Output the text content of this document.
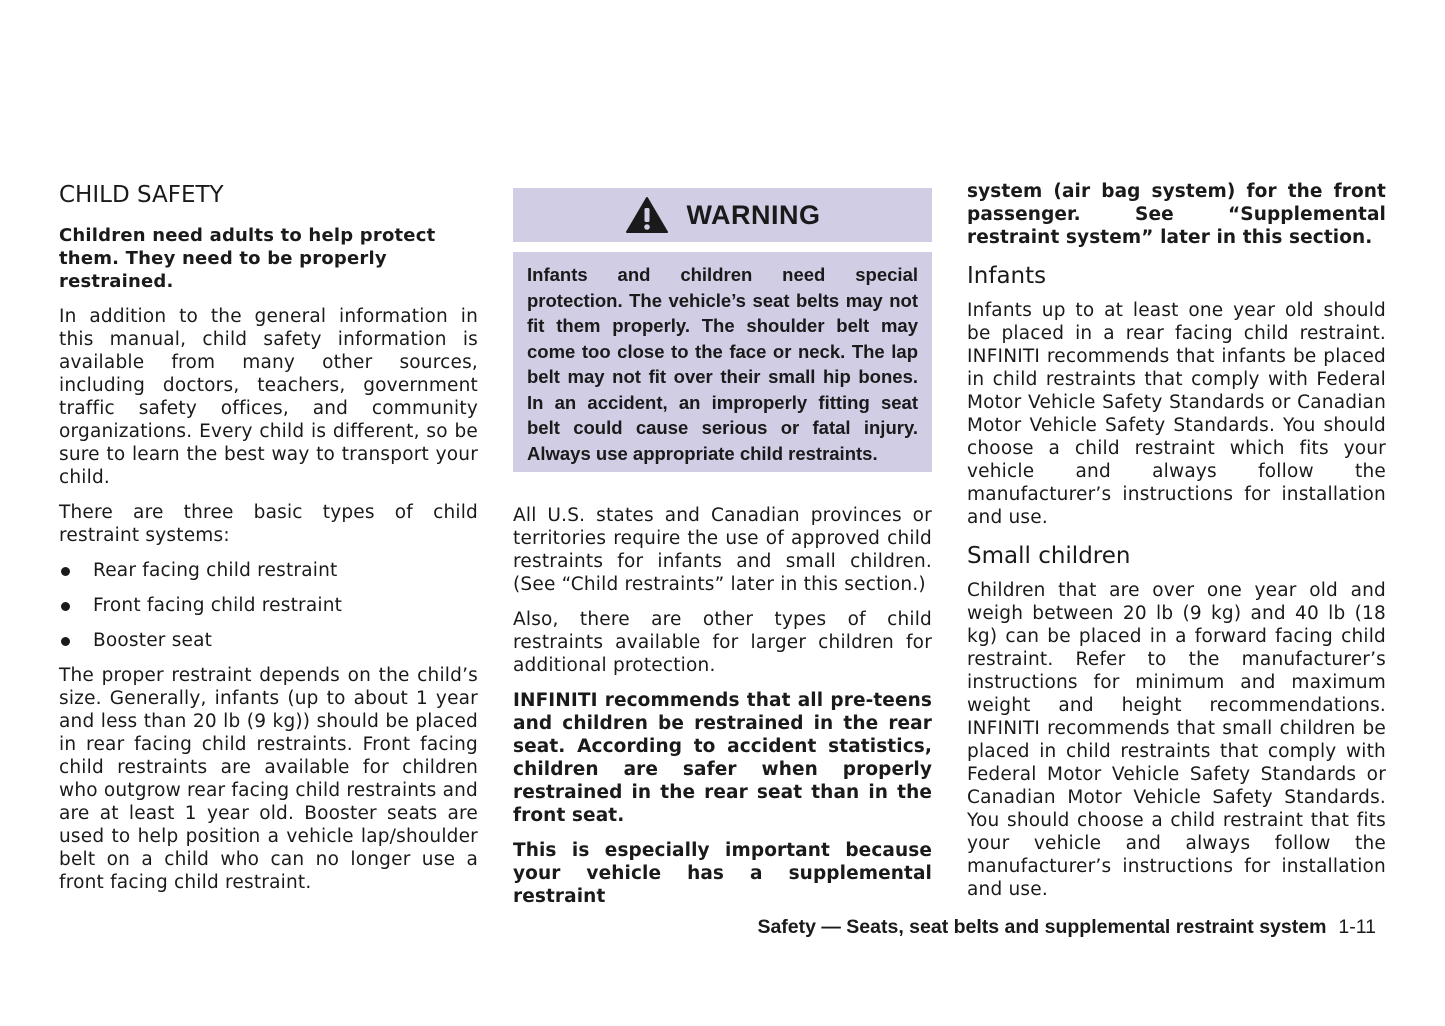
CHILD SAFETY

Children need adults to help protect them. They need to be properly restrained.

In addition to the general information in this manual, child safety information is available from many other sources, including doctors, teachers, government traffic safety offices, and community organizations. Every child is different, so be sure to learn the best way to transport your child.

There are three basic types of child restraint systems:

Rear facing child restraint
Front facing child restraint
Booster seat

The proper restraint depends on the child’s size. Generally, infants (up to about 1 year and less than 20 lb (9 kg)) should be placed in rear facing child restraints. Front facing child restraints are available for children who outgrow rear facing child restraints and are at least 1 year old. Booster seats are used to help position a vehicle lap/shoulder belt on a child who can no longer use a front facing child restraint.

WARNING

Infants and children need special protection. The vehicle’s seat belts may not fit them properly. The shoulder belt may come too close to the face or neck. The lap belt may not fit over their small hip bones. In an accident, an improperly fitting seat belt could cause serious or fatal injury. Always use appropriate child restraints.

All U.S. states and Canadian provinces or territories require the use of approved child restraints for infants and small children. (See “Child restraints” later in this section.)

Also, there are other types of child restraints available for larger children for additional protection.

INFINITI recommends that all pre-teens and children be restrained in the rear seat. According to accident statistics, children are safer when properly restrained in the rear seat than in the front seat.

This is especially important because your vehicle has a supplemental restraint

system (air bag system) for the front passenger. See “Supplemental restraint system” later in this section.

Infants

Infants up to at least one year old should be placed in a rear facing child restraint. INFINITI recommends that infants be placed in child restraints that comply with Federal Motor Vehicle Safety Standards or Canadian Motor Vehicle Safety Standards. You should choose a child restraint which fits your vehicle and always follow the manufacturer’s instructions for installation and use.

Small children

Children that are over one year old and weigh between 20 lb (9 kg) and 40 lb (18 kg) can be placed in a forward facing child restraint. Refer to the manufacturer’s instructions for minimum and maximum weight and height recommendations. INFINITI recommends that small children be placed in child restraints that comply with Federal Motor Vehicle Safety Standards or Canadian Motor Vehicle Safety Standards. You should choose a child restraint that fits your vehicle and always follow the manufacturer’s instructions for installation and use.

Safety — Seats, seat belts and supplemental restraint system 1-11
